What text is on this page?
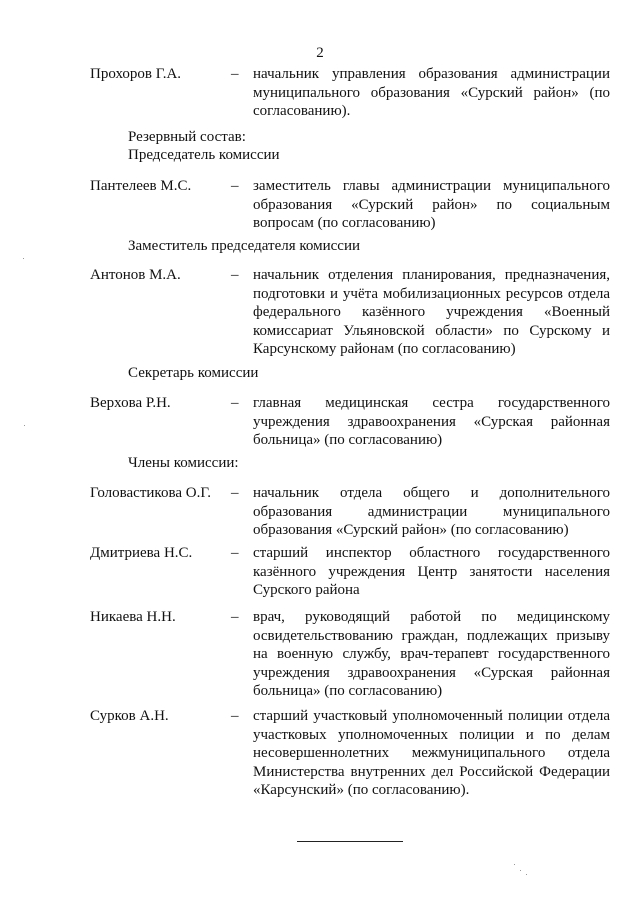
2
Прохоров Г.А.	– начальник управления образования администрации муниципального образования «Сурский район» (по согласованию).
Резервный состав:
Председатель комиссии
Пантелеев М.С.	– заместитель главы администрации муниципального образования «Сурский район» по социальным вопросам (по согласованию)
Заместитель председателя комиссии
Антонов М.А.	– начальник отделения планирования, предназначения, подготовки и учёта мобилизационных ресурсов отдела федерального казённого учреждения «Военный комиссариат Ульяновской области» по Сурскому и Карсунскому районам (по согласованию)
Секретарь комиссии
Верхова Р.Н.	– главная медицинская сестра государственного учреждения здравоохранения «Сурская районная больница» (по согласованию)
Члены комиссии:
Головастикова О.Г. – начальник отдела общего и дополнительного образования администрации муниципального образования «Сурский район» (по согласованию)
Дмитриева Н.С.	– старший инспектор областного государственного казённого учреждения Центр занятости населения Сурского района
Никаева Н.Н.	– врач, руководящий работой по медицинскому освидетельствованию граждан, подлежащих призыву на военную службу, врач-терапевт государственного учреждения здравоохранения «Сурская районная больница» (по согласованию)
Сурков А.Н.	– старший участковый уполномоченный полиции отдела участковых уполномоченных полиции и по делам несовершеннолетних межмуниципального отдела Министерства внутренних дел Российской Федерации «Карсунский» (по согласованию).
